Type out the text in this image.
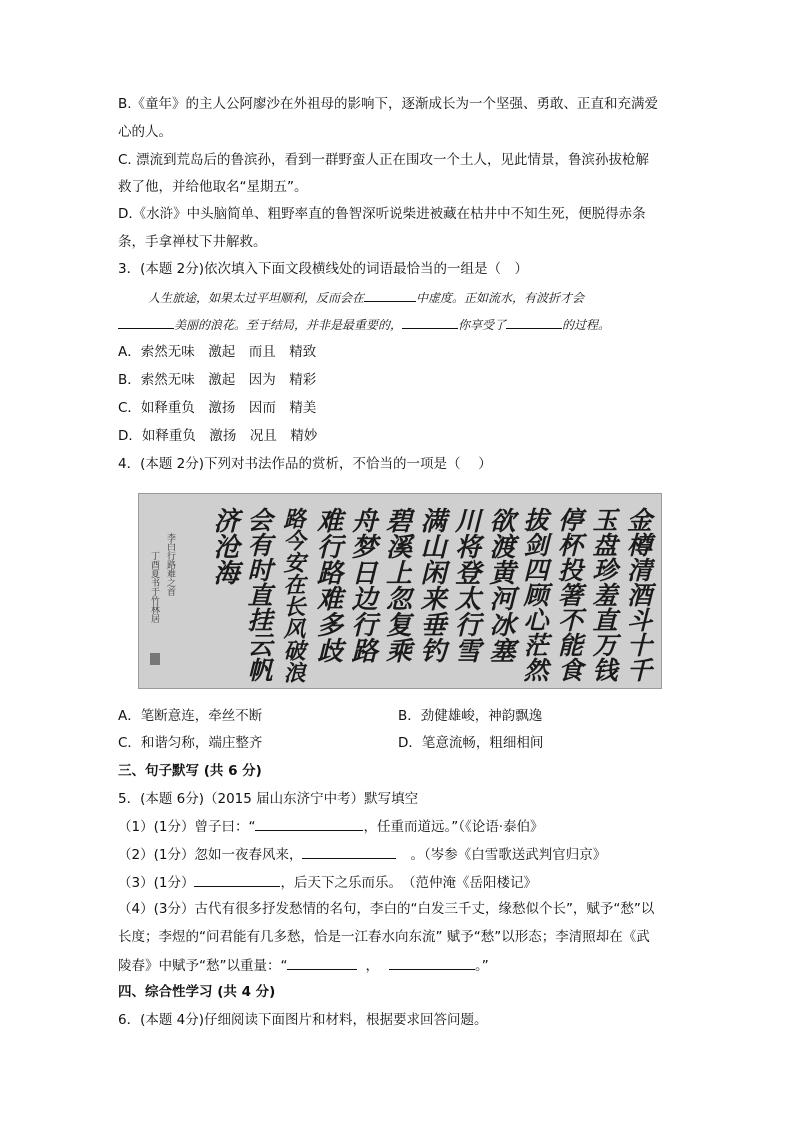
B.《童年》的主人公阿廖沙在外祖母的影响下，逐渐成长为一个坚强、勇敢、正直和充满爱
心的人。
C. 漂流到荒岛后的鲁滨孙，看到一群野蛮人正在围攻一个土人，见此情景，鲁滨孙拔枪解
救了他，并给他取名“星期五”。
D.《水浒》中头脑简单、粗野率直的鲁智深听说柴进被藏在枯井中不知生死，便脱得赤条
条，手拿禅杖下井解救。
3．(本题 2分)依次填入下面文段横线处的词语最恰当的一组是（　）
人生旅途，如果太过平坦顺利，反而会在	中虚度。正如流水，有波折才会
美丽的浪花。至于结局，并非是最重要的，	你享受了	的过程。
A．索然无味　激起　而且　精致
B．索然无味　激起　因为　精彩
C．如释重负　激扬　因而　精美
D．如释重负　激扬　况且　精妙
4．(本题 2分)下列对书法作品的赏析，不恰当的一项是（　 ）
金樽清酒斗十千
玉盘珍羞直万钱
停杯投箸不能食
拔剑四顾心茫然
欲渡黄河冰塞
川将登太行雪
满山闲来垂钓
碧溪上忽复乘
舟梦日边行路
难行路难多歧
路今安在长风破浪
会有时直挂云帆
济沧海
李白行路难之首
丁酉夏书于竹林居
A．笔断意连，牵丝不断	B．劲健雄峻，神韵飘逸
C．和谐匀称，端庄整齐	D．笔意流畅，粗细相间
三、句子默写 (共 6 分)
5．(本题 6分)（2015 届山东济宁中考）默写填空
（1）(1分）曾子曰：“	，任重而道远。”（《论语·泰伯》
（2）(1分）忽如一夜春风来，	。（岑参《白雪歌送武判官归京》
（3）(1分）	，后天下之乐而乐。　（范仲淹《岳阳楼记》
（4）(3分）古代有很多抒发愁情的名句，李白的“白发三千丈，缘愁似个长”，赋予“愁”以
长度；李煜的“问君能有几多愁，恰是一江春水向东流” 赋予“愁”以形态；李清照却在《武
陵春》中赋予“愁”以重量：“	，	。”
四、综合性学习 (共 4 分)
6．(本题 4分)仔细阅读下面图片和材料，根据要求回答问题。
